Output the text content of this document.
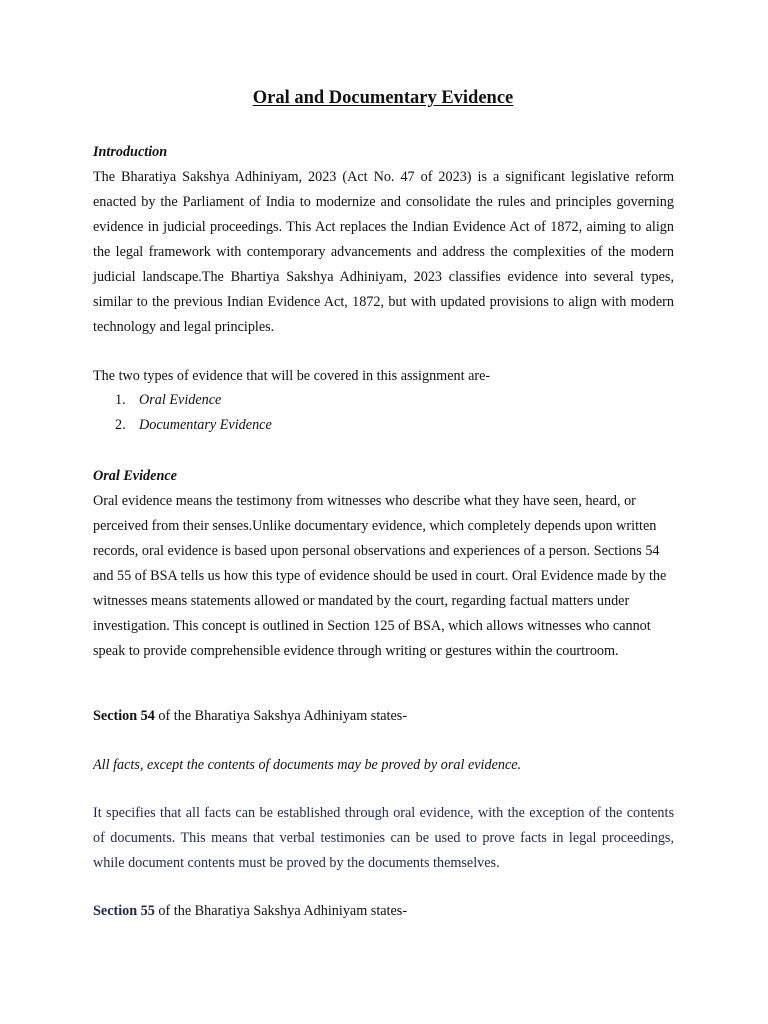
Oral and Documentary Evidence

Introduction

The Bharatiya Sakshya Adhiniyam, 2023 (Act No. 47 of 2023) is a significant legislative reform enacted by the Parliament of India to modernize and consolidate the rules and principles governing evidence in judicial proceedings. This Act replaces the Indian Evidence Act of 1872, aiming to align the legal framework with contemporary advancements and address the complexities of the modern judicial landscape.The Bhartiya Sakshya Adhiniyam, 2023 classifies evidence into several types, similar to the previous Indian Evidence Act, 1872, but with updated provisions to align with modern technology and legal principles.

The two types of evidence that will be covered in this assignment are-

1. Oral Evidence
2. Documentary Evidence

Oral Evidence

Oral evidence means the testimony from witnesses who describe what they have seen, heard, or perceived from their senses.Unlike documentary evidence, which completely depends upon written records, oral evidence is based upon personal observations and experiences of a person. Sections 54 and 55 of BSA tells us how this type of evidence should be used in court. Oral Evidence made by the witnesses means statements allowed or mandated by the court, regarding factual matters under investigation. This concept is outlined in Section 125 of BSA, which allows witnesses who cannot speak to provide comprehensible evidence through writing or gestures within the courtroom.

Section 54 of the Bharatiya Sakshya Adhiniyam states-

All facts, except the contents of documents may be proved by oral evidence.

It specifies that all facts can be established through oral evidence, with the exception of the contents of documents. This means that verbal testimonies can be used to prove facts in legal proceedings, while document contents must be proved by the documents themselves.

Section 55 of the Bharatiya Sakshya Adhiniyam states-
